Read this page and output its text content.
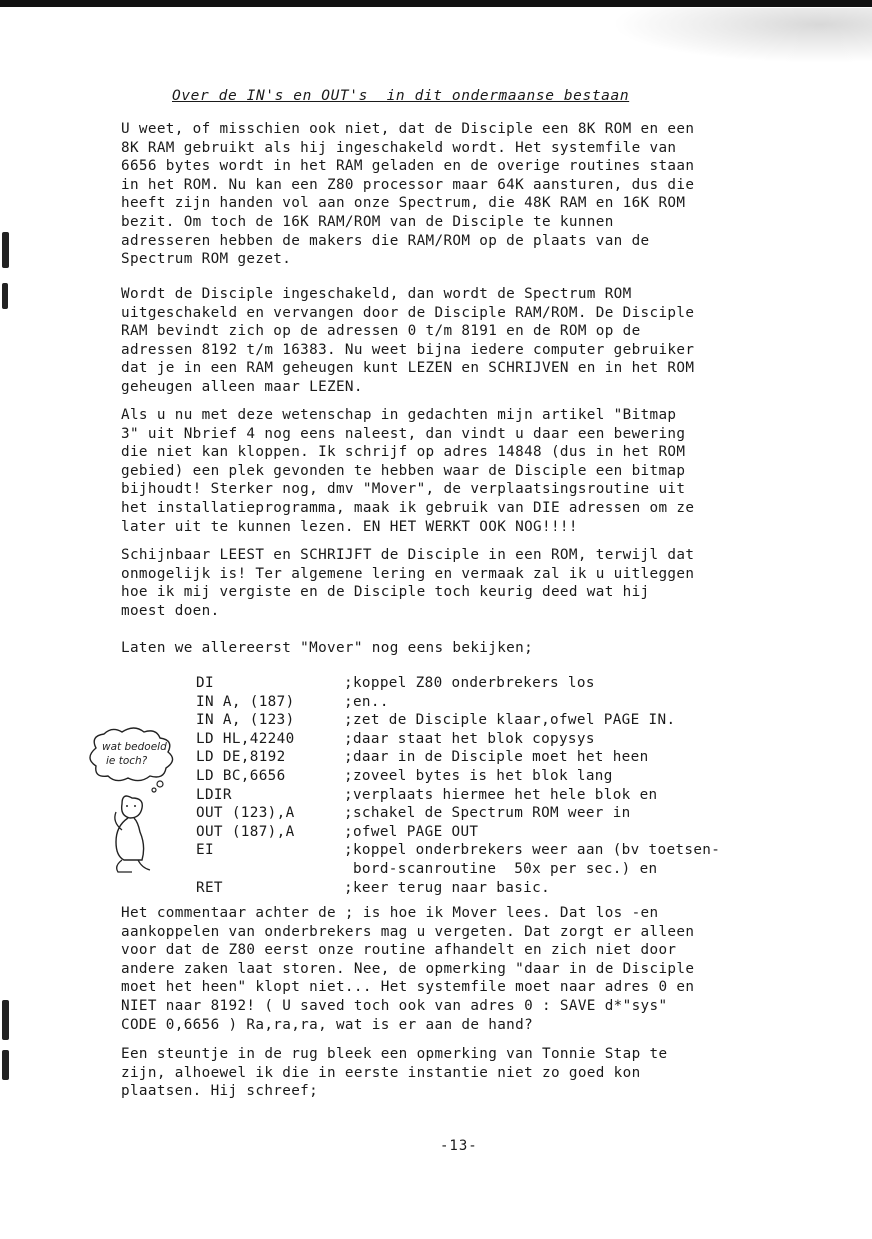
Over de IN's en OUT's  in dit ondermaanse bestaan

U weet, of misschien ook niet, dat de Disciple een 8K ROM en een
8K RAM gebruikt als hij ingeschakeld wordt. Het systemfile van
6656 bytes wordt in het RAM geladen en de overige routines staan
in het ROM. Nu kan een Z80 processor maar 64K aansturen, dus die
heeft zijn handen vol aan onze Spectrum, die 48K RAM en 16K ROM
bezit. Om toch de 16K RAM/ROM van de Disciple te kunnen
adresseren hebben de makers die RAM/ROM op de plaats van de
Spectrum ROM gezet.

Wordt de Disciple ingeschakeld, dan wordt de Spectrum ROM
uitgeschakeld en vervangen door de Disciple RAM/ROM. De Disciple
RAM bevindt zich op de adressen 0 t/m 8191 en de ROM op de
adressen 8192 t/m 16383. Nu weet bijna iedere computer gebruiker
dat je in een RAM geheugen kunt LEZEN en SCHRIJVEN en in het ROM
geheugen alleen maar LEZEN.

Als u nu met deze wetenschap in gedachten mijn artikel "Bitmap
3" uit Nbrief 4 nog eens naleest, dan vindt u daar een bewering
die niet kan kloppen. Ik schrijf op adres 14848 (dus in het ROM
gebied) een plek gevonden te hebben waar de Disciple een bitmap
bijhoudt! Sterker nog, dmv "Mover", de verplaatsingsroutine uit
het installatieprogramma, maak ik gebruik van DIE adressen om ze
later uit te kunnen lezen. EN HET WERKT OOK NOG!!!!

Schijnbaar LEEST en SCHRIJFT de Disciple in een ROM, terwijl dat
onmogelijk is! Ter algemene lering en vermaak zal ik u uitleggen
hoe ik mij vergiste en de Disciple toch keurig deed wat hij
moest doen.

Laten we allereerst "Mover" nog eens bekijken;

DI	;koppel Z80 onderbrekers los
IN A, (187)	;en..
IN A, (123)	;zet de Disciple klaar,ofwel PAGE IN.
LD HL,42240	;daar staat het blok copysys
LD DE,8192	;daar in de Disciple moet het heen
LD BC,6656	;zoveel bytes is het blok lang
LDIR	;verplaats hiermee het hele blok en
OUT (123),A	;schakel de Spectrum ROM weer in
OUT (187),A	;ofwel PAGE OUT
EI	;koppel onderbrekers weer aan (bv toetsen-
bord-scanroutine  50x per sec.) en
RET	;keer terug naar basic.
wat bedoeld
ie toch?

Het commentaar achter de ; is hoe ik Mover lees. Dat los -en
aankoppelen van onderbrekers mag u vergeten. Dat zorgt er alleen
voor dat de Z80 eerst onze routine afhandelt en zich niet door
andere zaken laat storen. Nee, de opmerking "daar in de Disciple
moet het heen" klopt niet... Het systemfile moet naar adres 0 en
NIET naar 8192! ( U saved toch ook van adres 0 : SAVE d*"sys"
CODE 0,6656 ) Ra,ra,ra, wat is er aan de hand?

Een steuntje in de rug bleek een opmerking van Tonnie Stap te
zijn, alhoewel ik die in eerste instantie niet zo goed kon
plaatsen. Hij schreef;

-13-
